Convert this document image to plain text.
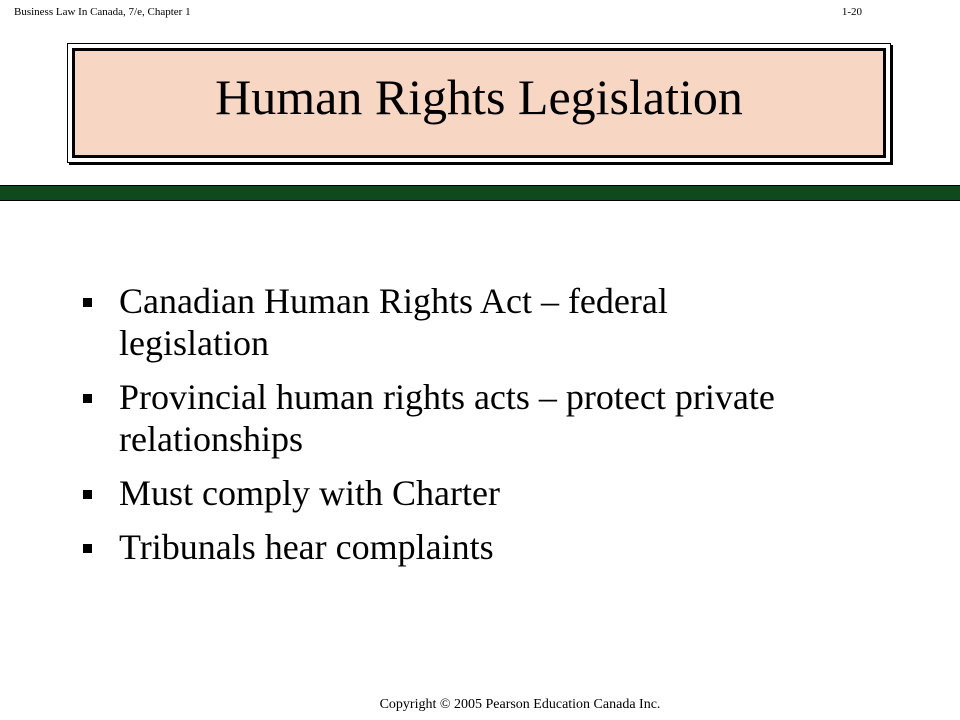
Business Law In Canada, 7/e, Chapter 1	1-20
Human Rights Legislation
Canadian Human Rights Act – federal legislation
Provincial human rights acts – protect private relationships
Must comply with Charter
Tribunals hear complaints
Copyright © 2005 Pearson Education Canada Inc.
